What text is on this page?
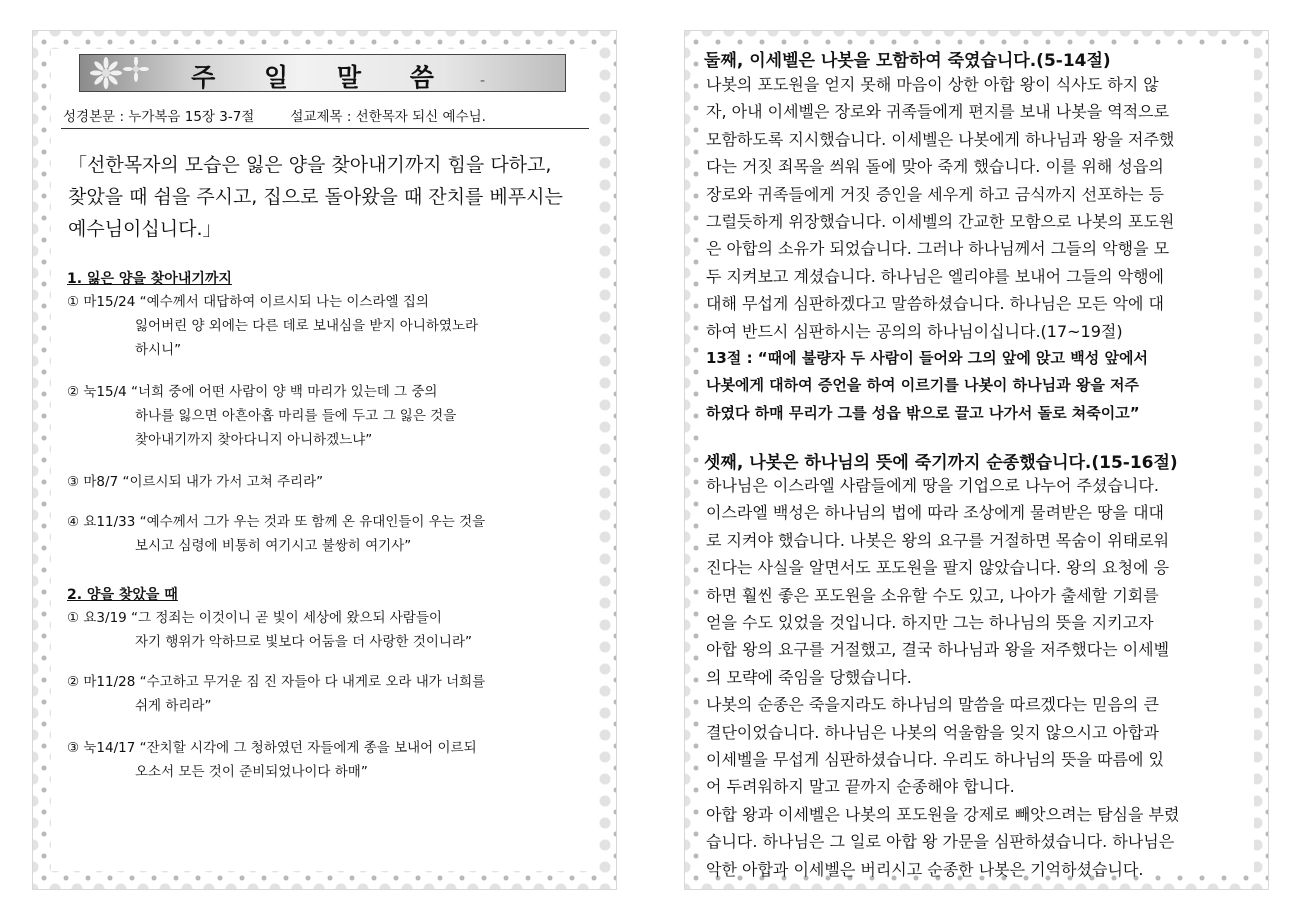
주 일 말 씀	-
성경본문 : 누가복음 15장 3-7절	설교제목 : 선한목자 되신 예수님.
「선한목자의 모습은 잃은 양을 찾아내기까지 힘을 다하고,
찾았을 때 쉼을 주시고, 집으로 돌아왔을 때 잔치를 베푸시는
예수님이십니다.」
1. 잃은 양을 찾아내기까지
① 마15/24 “예수께서 대답하여 이르시되 나는 이스라엘 집의
잃어버린 양 외에는 다른 데로 보내심을 받지 아니하였노라
하시니”
② 눅15/4 “너희 중에 어떤 사람이 양 백 마리가 있는데 그 중의
하나를 잃으면 아흔아홉 마리를 들에 두고 그 잃은 것을
찾아내기까지 찾아다니지 아니하겠느냐”
③ 마8/7 “이르시되 내가 가서 고쳐 주리라”
④ 요11/33 “예수께서 그가 우는 것과 또 함께 온 유대인들이 우는 것을
보시고 심령에 비통히 여기시고 불쌍히 여기사”
2. 양을 찾았을 때
① 요3/19 “그 정죄는 이것이니 곧 빛이 세상에 왔으되 사람들이
자기 행위가 악하므로 빛보다 어둠을 더 사랑한 것이니라”
② 마11/28 “수고하고 무거운 짐 진 자들아 다 내게로 오라 내가 너희를
쉬게 하리라”
③ 눅14/17 “잔치할 시각에 그 청하였던 자들에게 종을 보내어 이르되
오소서 모든 것이 준비되었나이다 하매”
둘째, 이세벨은 나봇을 모함하여 죽였습니다.(5-14절)
나봇의 포도원을 얻지 못해 마음이 상한 아합 왕이 식사도 하지 않
자, 아내 이세벨은 장로와 귀족들에게 편지를 보내 나봇을 역적으로
모함하도록 지시했습니다. 이세벨은 나봇에게 하나님과 왕을 저주했
다는 거짓 죄목을 씌워 돌에 맞아 죽게 했습니다. 이를 위해 성읍의
장로와 귀족들에게 거짓 증인을 세우게 하고 금식까지 선포하는 등
그럴듯하게 위장했습니다. 이세벨의 간교한 모함으로 나봇의 포도원
은 아합의 소유가 되었습니다. 그러나 하나님께서 그들의 악행을 모
두 지켜보고 계셨습니다. 하나님은 엘리야를 보내어 그들의 악행에
대해 무섭게 심판하겠다고 말씀하셨습니다. 하나님은 모든 악에 대
하여 반드시 심판하시는 공의의 하나님이십니다.(17~19절)
13절 : “때에 불량자 두 사람이 들어와 그의 앞에 앉고 백성 앞에서
나봇에게 대하여 증언을 하여 이르기를 나봇이 하나님과 왕을 저주
하였다 하매 무리가 그를 성읍 밖으로 끌고 나가서 돌로 쳐죽이고”
셋째, 나봇은 하나님의 뜻에 죽기까지 순종했습니다.(15-16절)
하나님은 이스라엘 사람들에게 땅을 기업으로 나누어 주셨습니다.
이스라엘 백성은 하나님의 법에 따라 조상에게 물려받은 땅을 대대
로 지켜야 했습니다. 나봇은 왕의 요구를 거절하면 목숨이 위태로워
진다는 사실을 알면서도 포도원을 팔지 않았습니다. 왕의 요청에 응
하면 훨씬 좋은 포도원을 소유할 수도 있고, 나아가 출세할 기회를
얻을 수도 있었을 것입니다. 하지만 그는 하나님의 뜻을 지키고자
아합 왕의 요구를 거절했고, 결국 하나님과 왕을 저주했다는 이세벨
의 모략에 죽임을 당했습니다.
나봇의 순종은 죽을지라도 하나님의 말씀을 따르겠다는 믿음의 큰
결단이었습니다. 하나님은 나봇의 억울함을 잊지 않으시고 아합과
이세벨을 무섭게 심판하셨습니다. 우리도 하나님의 뜻을 따름에 있
어 두려워하지 말고 끝까지 순종해야 합니다.
아합 왕과 이세벨은 나봇의 포도원을 강제로 빼앗으려는 탐심을 부렸
습니다. 하나님은 그 일로 아합 왕 가문을 심판하셨습니다. 하나님은
악한 아합과 이세벨은 버리시고 순종한 나봇은 기억하셨습니다.
